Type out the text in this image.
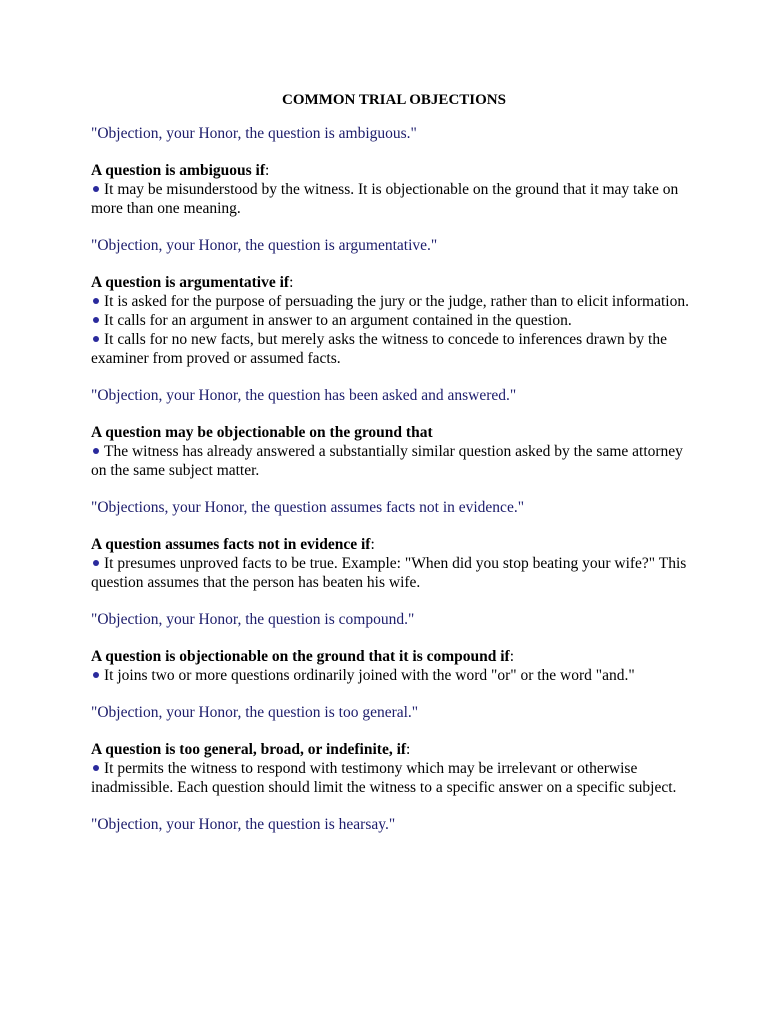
COMMON TRIAL OBJECTIONS
"Objection, your Honor, the question is ambiguous."
A question is ambiguous if:
It may be misunderstood by the witness. It is objectionable on the ground that it may take on more than one meaning.
"Objection, your Honor, the question is argumentative."
A question is argumentative if:
It is asked for the purpose of persuading the jury or the judge, rather than to elicit information.
It calls for an argument in answer to an argument contained in the question.
It calls for no new facts, but merely asks the witness to concede to inferences drawn by the examiner from proved or assumed facts.
"Objection, your Honor, the question has been asked and answered."
A question may be objectionable on the ground that
The witness has already answered a substantially similar question asked by the same attorney on the same subject matter.
"Objections, your Honor, the question assumes facts not in evidence."
A question assumes facts not in evidence if:
It presumes unproved facts to be true. Example: "When did you stop beating your wife?" This question assumes that the person has beaten his wife.
"Objection, your Honor, the question is compound."
A question is objectionable on the ground that it is compound if:
It joins two or more questions ordinarily joined with the word "or" or the word "and."
"Objection, your Honor, the question is too general."
A question is too general, broad, or indefinite, if:
It permits the witness to respond with testimony which may be irrelevant or otherwise inadmissible. Each question should limit the witness to a specific answer on a specific subject.
"Objection, your Honor, the question is hearsay."
